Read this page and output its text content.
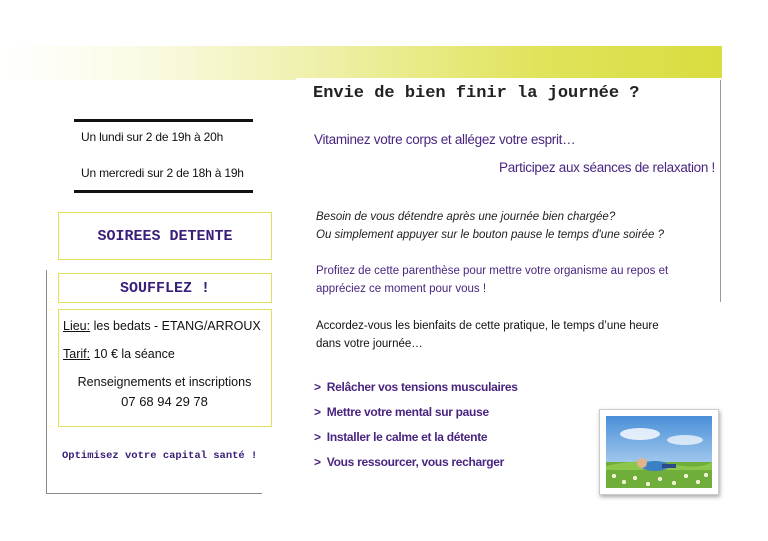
Envie de bien finir la journée ?
Un lundi sur 2 de 19h à 20h
Un mercredi sur 2 de 18h à 19h
SOIREES DETENTE
SOUFFLEZ !
Lieu: les bedats - ETANG/ARROUX
Tarif: 10 € la séance
Renseignements et inscriptions
07 68 94 29 78
Optimisez votre capital santé !
Vitaminez votre corps et allégez votre esprit…
Participez aux séances de relaxation !
Besoin de vous détendre après une journée bien chargée?
Ou simplement appuyer sur le bouton pause le temps d'une soirée ?
Profitez de cette parenthèse pour mettre votre organisme au repos et
appréciez ce moment pour vous !
Accordez-vous les bienfaits de cette pratique, le temps d’une heure
dans votre journée…
> Relâcher vos tensions musculaires
> Mettre votre mental sur pause
> Installer le calme et la détente
> Vous ressourcer, vous recharger
